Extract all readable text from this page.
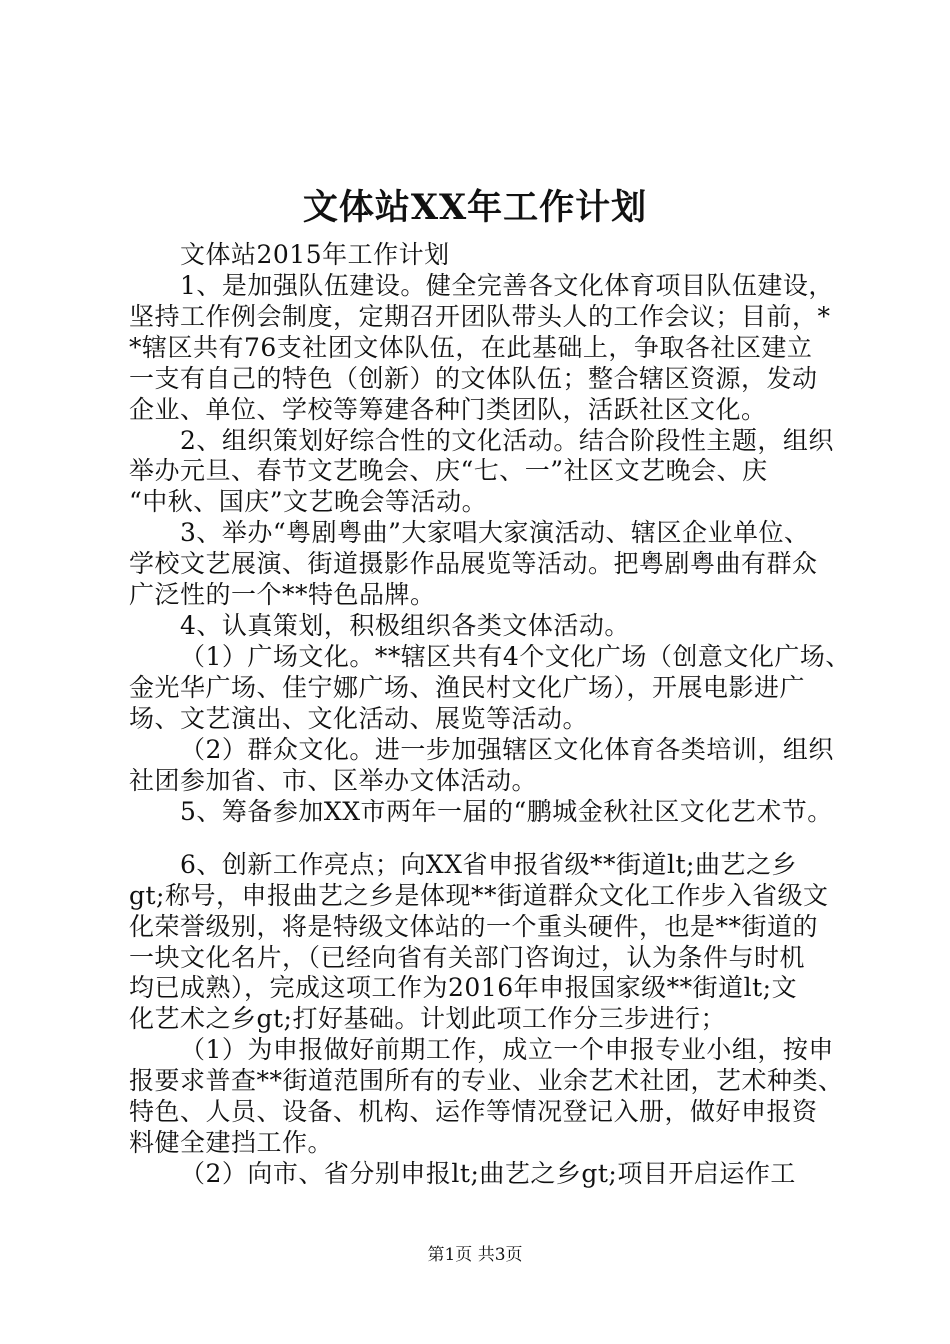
文体站XX年工作计划
文体站2015年工作计划
1、是加强队伍建设。健全完善各文化体育项目队伍建设，
坚持工作例会制度，定期召开团队带头人的工作会议；目前，*
*辖区共有76支社团文体队伍，在此基础上，争取各社区建立
一支有自己的特色（创新）的文体队伍；整合辖区资源，发动
企业、单位、学校等筹建各种门类团队，活跃社区文化。
2、组织策划好综合性的文化活动。结合阶段性主题，组织
举办元旦、春节文艺晚会、庆“七、一”社区文艺晚会、庆
“中秋、国庆”文艺晚会等活动。
3、举办“粤剧粤曲”大家唱大家演活动、辖区企业单位、
学校文艺展演、街道摄影作品展览等活动。把粤剧粤曲有群众
广泛性的一个**特色品牌。
4、认真策划，积极组织各类文体活动。
（1）广场文化。**辖区共有4个文化广场（创意文化广场、
金光华广场、佳宁娜广场、渔民村文化广场），开展电影进广
场、文艺演出、文化活动、展览等活动。
（2）群众文化。进一步加强辖区文化体育各类培训，组织
社团参加省、市、区举办文体活动。
5、筹备参加XX市两年一届的“鹏城金秋社区文化艺术节。
6、创新工作亮点；向XX省申报省级**街道lt;曲艺之乡
gt;称号，申报曲艺之乡是体现**街道群众文化工作步入省级文
化荣誉级别，将是特级文体站的一个重头硬件，也是**街道的
一块文化名片，（已经向省有关部门咨询过，认为条件与时机
均已成熟），完成这项工作为2016年申报国家级**街道lt;文
化艺术之乡gt;打好基础。计划此项工作分三步进行；
（1）为申报做好前期工作，成立一个申报专业小组，按申
报要求普查**街道范围所有的专业、业余艺术社团，艺术种类、
特色、人员、设备、机构、运作等情况登记入册，做好申报资
料健全建挡工作。
（2）向市、省分别申报lt;曲艺之乡gt;项目开启运作工
第1页 共3页
